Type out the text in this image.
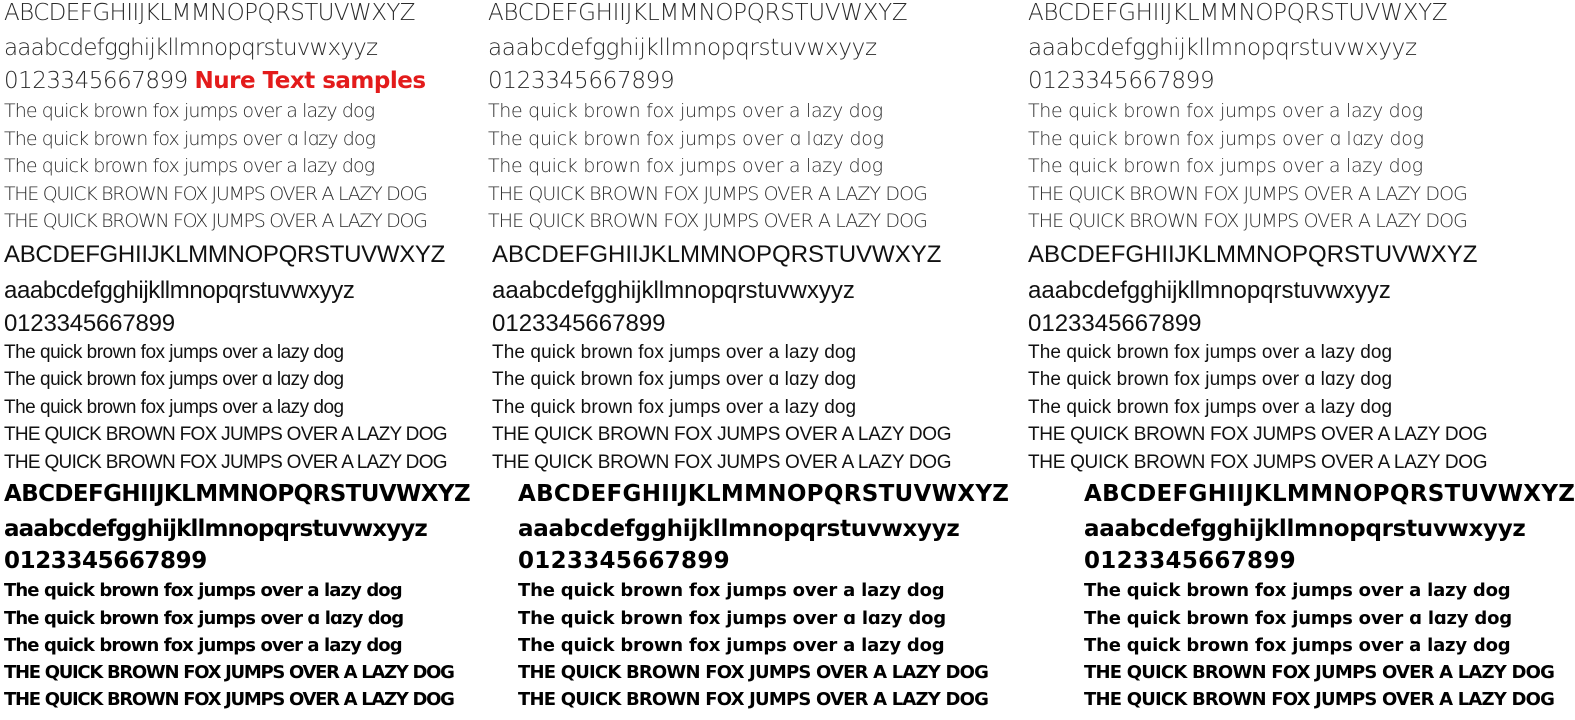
ABCDEFGHIIJKLMMNOPQRSTUVWXYZ
aaabcdefgghijkllmnopqrstuvwxyyz
0123345667899 Nure Text samples
The quick brown fox jumps over a lazy dog
The quick brown fox jumps over ɑ lɑzy dog
The quick brown fox jumps over a lazy dog
THE QUICK BROWN FOX JUMPS OVER A LAZY DOG
THE QUICK BROWN FOX JUMPS OVER A LAZY DOG
ABCDEFGHIIJKLMMNOPQRSTUVWXYZ
aaabcdefgghijkllmnopqrstuvwxyyz
0123345667899
The quick brown fox jumps over a lazy dog
The quick brown fox jumps over ɑ lɑzy dog
The quick brown fox jumps over a lazy dog
THE QUICK BROWN FOX JUMPS OVER A LAZY DOG
THE QUICK BROWN FOX JUMPS OVER A LAZY DOG
ABCDEFGHIIJKLMMNOPQRSTUVWXYZ
aaabcdefgghijkllmnopqrstuvwxyyz
0123345667899
The quick brown fox jumps over a lazy dog
The quick brown fox jumps over ɑ lɑzy dog
The quick brown fox jumps over a lazy dog
THE QUICK BROWN FOX JUMPS OVER A LAZY DOG
THE QUICK BROWN FOX JUMPS OVER A LAZY DOG
ABCDEFGHIIJKLMMNOPQRSTUVWXYZ
aaabcdefgghijkllmnopqrstuvwxyyz
0123345667899
The quick brown fox jumps over a lazy dog
The quick brown fox jumps over ɑ lɑzy dog
The quick brown fox jumps over a lazy dog
THE QUICK BROWN FOX JUMPS OVER A LAZY DOG
THE QUICK BROWN FOX JUMPS OVER A LAZY DOG
ABCDEFGHIIJKLMMNOPQRSTUVWXYZ
aaabcdefgghijkllmnopqrstuvwxyyz
0123345667899
The quick brown fox jumps over a lazy dog
The quick brown fox jumps over ɑ lɑzy dog
The quick brown fox jumps over a lazy dog
THE QUICK BROWN FOX JUMPS OVER A LAZY DOG
THE QUICK BROWN FOX JUMPS OVER A LAZY DOG
ABCDEFGHIIJKLMMNOPQRSTUVWXYZ
aaabcdefgghijkllmnopqrstuvwxyyz
0123345667899
The quick brown fox jumps over a lazy dog
The quick brown fox jumps over ɑ lɑzy dog
The quick brown fox jumps over a lazy dog
THE QUICK BROWN FOX JUMPS OVER A LAZY DOG
THE QUICK BROWN FOX JUMPS OVER A LAZY DOG
ABCDEFGHIIJKLMMNOPQRSTUVWXYZ
aaabcdefgghijkllmnopqrstuvwxyyz
0123345667899
The quick brown fox jumps over a lazy dog
The quick brown fox jumps over ɑ lɑzy dog
The quick brown fox jumps over a lazy dog
THE QUICK BROWN FOX JUMPS OVER A LAZY DOG
THE QUICK BROWN FOX JUMPS OVER A LAZY DOG
ABCDEFGHIIJKLMMNOPQRSTUVWXYZ
aaabcdefgghijkllmnopqrstuvwxyyz
0123345667899
The quick brown fox jumps over a lazy dog
The quick brown fox jumps over ɑ lɑzy dog
The quick brown fox jumps over a lazy dog
THE QUICK BROWN FOX JUMPS OVER A LAZY DOG
THE QUICK BROWN FOX JUMPS OVER A LAZY DOG
ABCDEFGHIIJKLMMNOPQRSTUVWXYZ
aaabcdefgghijkllmnopqrstuvwxyyz
0123345667899
The quick brown fox jumps over a lazy dog
The quick brown fox jumps over ɑ lɑzy dog
The quick brown fox jumps over a lazy dog
THE QUICK BROWN FOX JUMPS OVER A LAZY DOG
THE QUICK BROWN FOX JUMPS OVER A LAZY DOG
